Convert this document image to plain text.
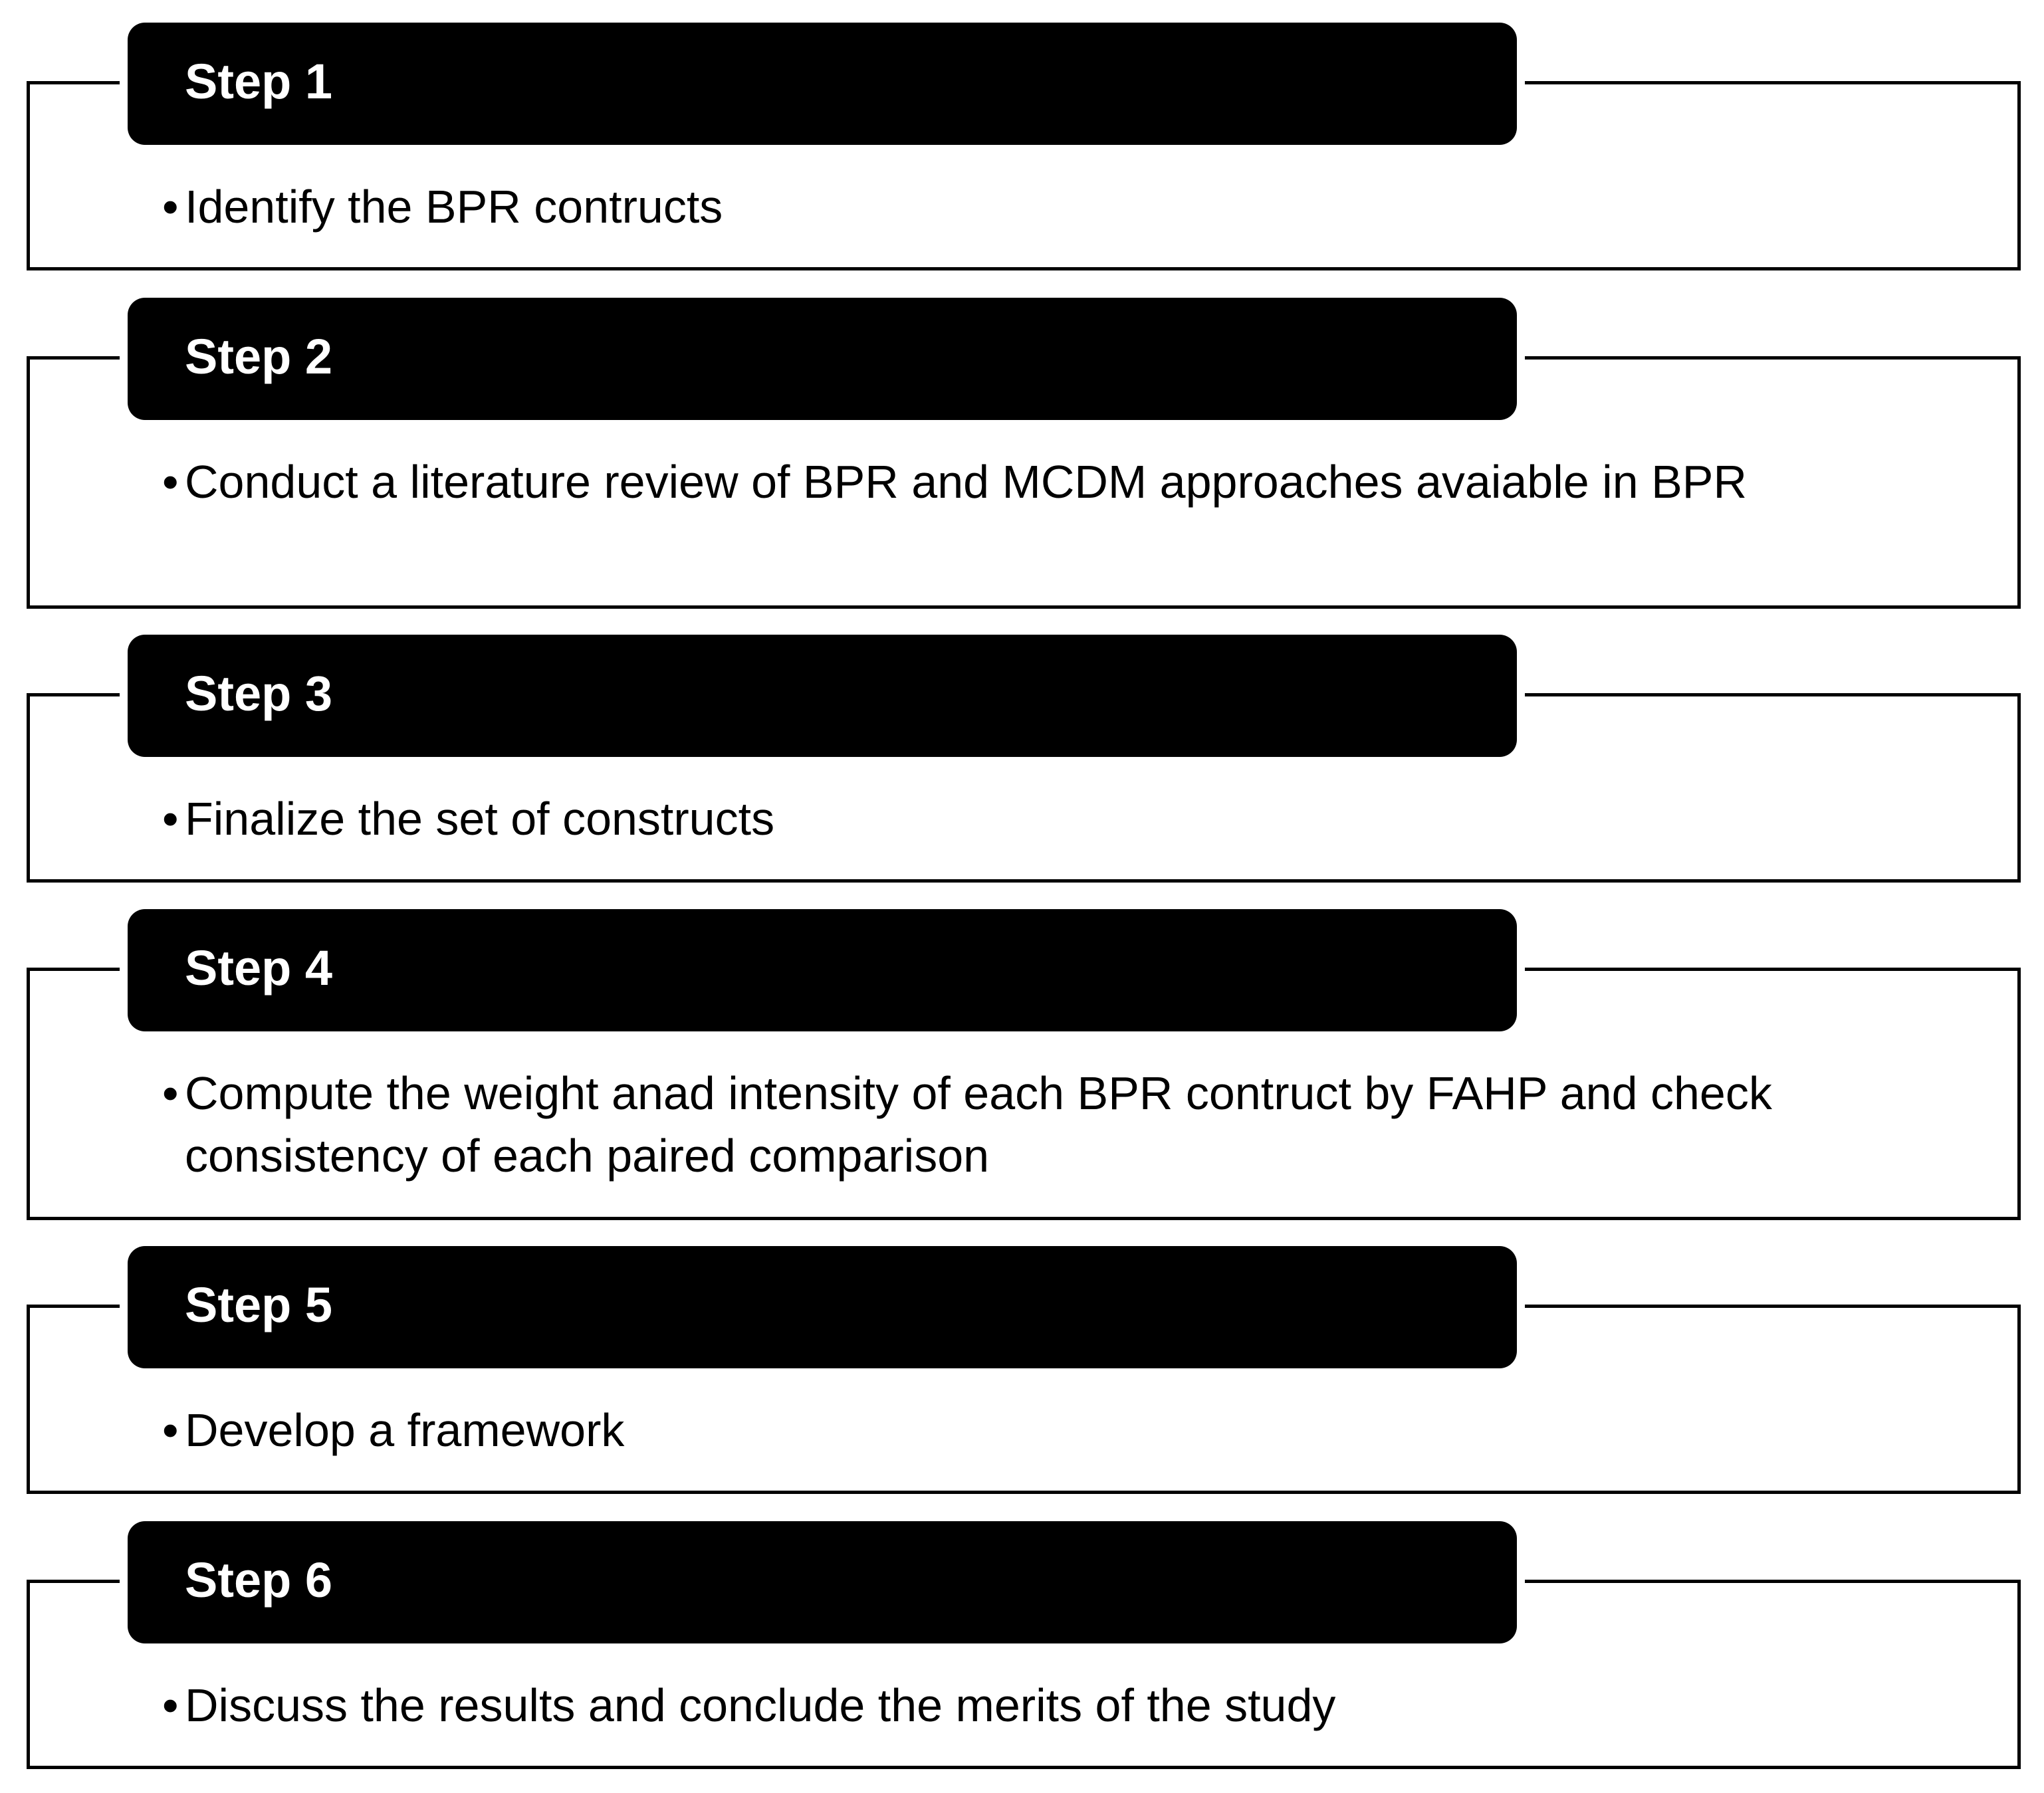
Step 1
• Identify the BPR contructs
Step 2
• Conduct a literature review of BPR and MCDM approaches avaiable in BPR
Step 3
• Finalize the set of constructs
Step 4
• Compute the weight anad intensity of each BPR contruct by FAHP and check consistency of each paired comparison
Step 5
• Develop a framework
Step 6
• Discuss the results and conclude the merits of the study
